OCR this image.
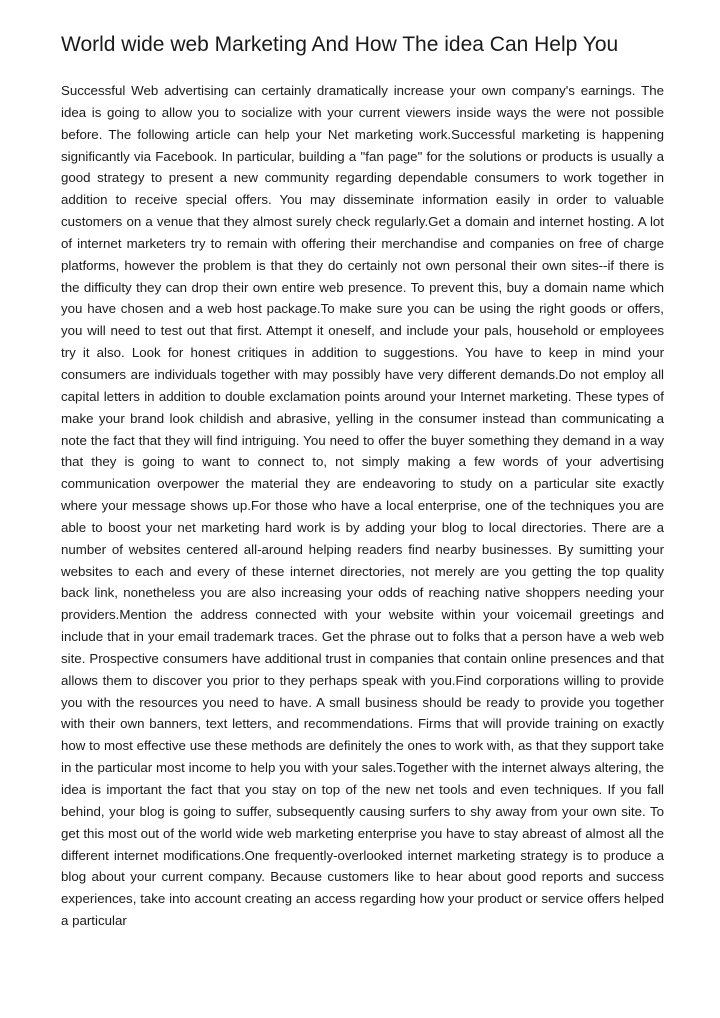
World wide web Marketing And How The idea Can Help You

Successful Web advertising can certainly dramatically increase your own company's earnings. The idea is going to allow you to socialize with your current viewers inside ways the were not possible before. The following article can help your Net marketing work.Successful marketing is happening significantly via Facebook. In particular, building a "fan page" for the solutions or products is usually a good strategy to present a new community regarding dependable consumers to work together in addition to receive special offers. You may disseminate information easily in order to valuable customers on a venue that they almost surely check regularly.Get a domain and internet hosting. A lot of internet marketers try to remain with offering their merchandise and companies on free of charge platforms, however the problem is that they do certainly not own personal their own sites--if there is the difficulty they can drop their own entire web presence. To prevent this, buy a domain name which you have chosen and a web host package.To make sure you can be using the right goods or offers, you will need to test out that first. Attempt it oneself, and include your pals, household or employees try it also. Look for honest critiques in addition to suggestions. You have to keep in mind your consumers are individuals together with may possibly have very different demands.Do not employ all capital letters in addition to double exclamation points around your Internet marketing. These types of make your brand look childish and abrasive, yelling in the consumer instead than communicating a note the fact that they will find intriguing. You need to offer the buyer something they demand in a way that they is going to want to connect to, not simply making a few words of your advertising communication overpower the material they are endeavoring to study on a particular site exactly where your message shows up.For those who have a local enterprise, one of the techniques you are able to boost your net marketing hard work is by adding your blog to local directories. There are a number of websites centered all-around helping readers find nearby businesses. By sumitting your websites to each and every of these internet directories, not merely are you getting the top quality back link, nonetheless you are also increasing your odds of reaching native shoppers needing your providers.Mention the address connected with your website within your voicemail greetings and include that in your email trademark traces. Get the phrase out to folks that a person have a web web site. Prospective consumers have additional trust in companies that contain online presences and that allows them to discover you prior to they perhaps speak with you.Find corporations willing to provide you with the resources you need to have. A small business should be ready to provide you together with their own banners, text letters, and recommendations. Firms that will provide training on exactly how to most effective use these methods are definitely the ones to work with, as that they support take in the particular most income to help you with your sales.Together with the internet always altering, the idea is important the fact that you stay on top of the new net tools and even techniques. If you fall behind, your blog is going to suffer, subsequently causing surfers to shy away from your own site. To get this most out of the world wide web marketing enterprise you have to stay abreast of almost all the different internet modifications.One frequently-overlooked internet marketing strategy is to produce a blog about your current company. Because customers like to hear about good reports and success experiences, take into account creating an access regarding how your product or service offers helped a particular
